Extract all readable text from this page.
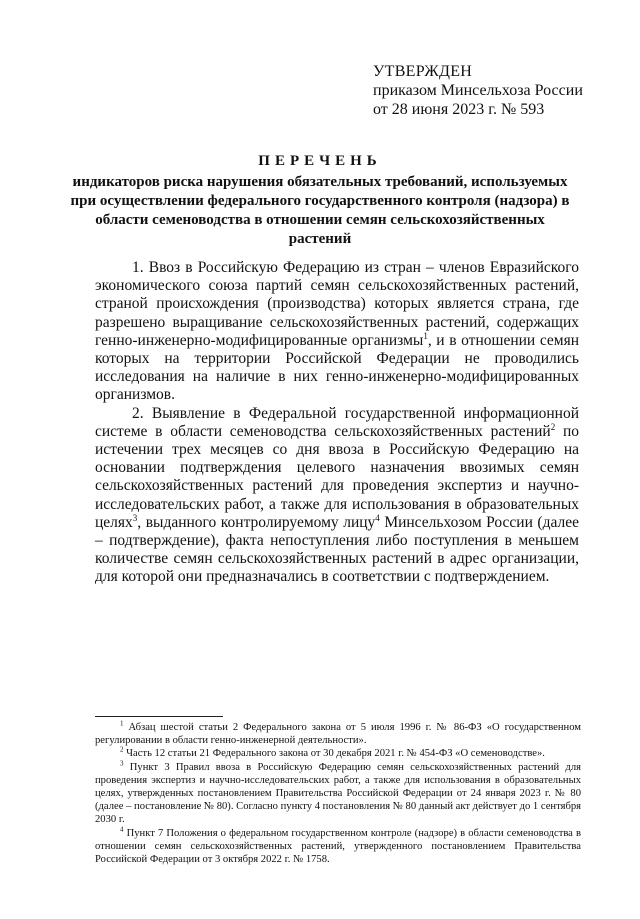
УТВЕРЖДЕН
приказом Минсельхоза России
от 28 июня 2023 г. № 593
ПЕРЕЧЕНЬ
индикаторов риска нарушения обязательных требований, используемых при осуществлении федерального государственного контроля (надзора) в области семеноводства в отношении семян сельскохозяйственных растений

1. Ввоз в Российскую Федерацию из стран – членов Евразийского экономического союза партий семян сельскохозяйственных растений, страной происхождения (производства) которых является страна, где разрешено выращивание сельскохозяйственных растений, содержащих генно-инженерно-модифицированные организмы$^1$, и в отношении семян которых на территории Российской Федерации не проводились исследования на наличие в них генно-инженерно-модифицированных организмов.

2. Выявление в Федеральной государственной информационной системе в области семеноводства сельскохозяйственных растений$^2$ по истечении трех месяцев со дня ввоза в Российскую Федерацию на основании подтверждения целевого назначения ввозимых семян сельскохозяйственных растений для проведения экспертиз и научно-исследовательских работ, а также для использования в образовательных целях$^3$, выданного контролируемому лицу$^4$ Минсельхозом России (далее – подтверждение), факта непоступления либо поступления в меньшем количестве семян сельскохозяйственных растений в адрес организации, для которой они предназначались в соответствии с подтверждением.

$^1$ Абзац шестой статьи 2 Федерального закона от 5 июля 1996 г. № 86-ФЗ «О государственном регулировании в области генно-инженерной деятельности».

$^2$ Часть 12 статьи 21 Федерального закона от 30 декабря 2021 г. № 454-ФЗ «О семеноводстве».

$^3$ Пункт 3 Правил ввоза в Российскую Федерацию семян сельскохозяйственных растений для проведения экспертиз и научно-исследовательских работ, а также для использования в образовательных целях, утвержденных постановлением Правительства Российской Федерации от 24 января 2023 г. № 80 (далее – постановление № 80). Согласно пункту 4 постановления № 80 данный акт действует до 1 сентября 2030 г.

$^4$ Пункт 7 Положения о федеральном государственном контроле (надзоре) в области семеноводства в отношении семян сельскохозяйственных растений, утвержденного постановлением Правительства Российской Федерации от 3 октября 2022 г. № 1758.
